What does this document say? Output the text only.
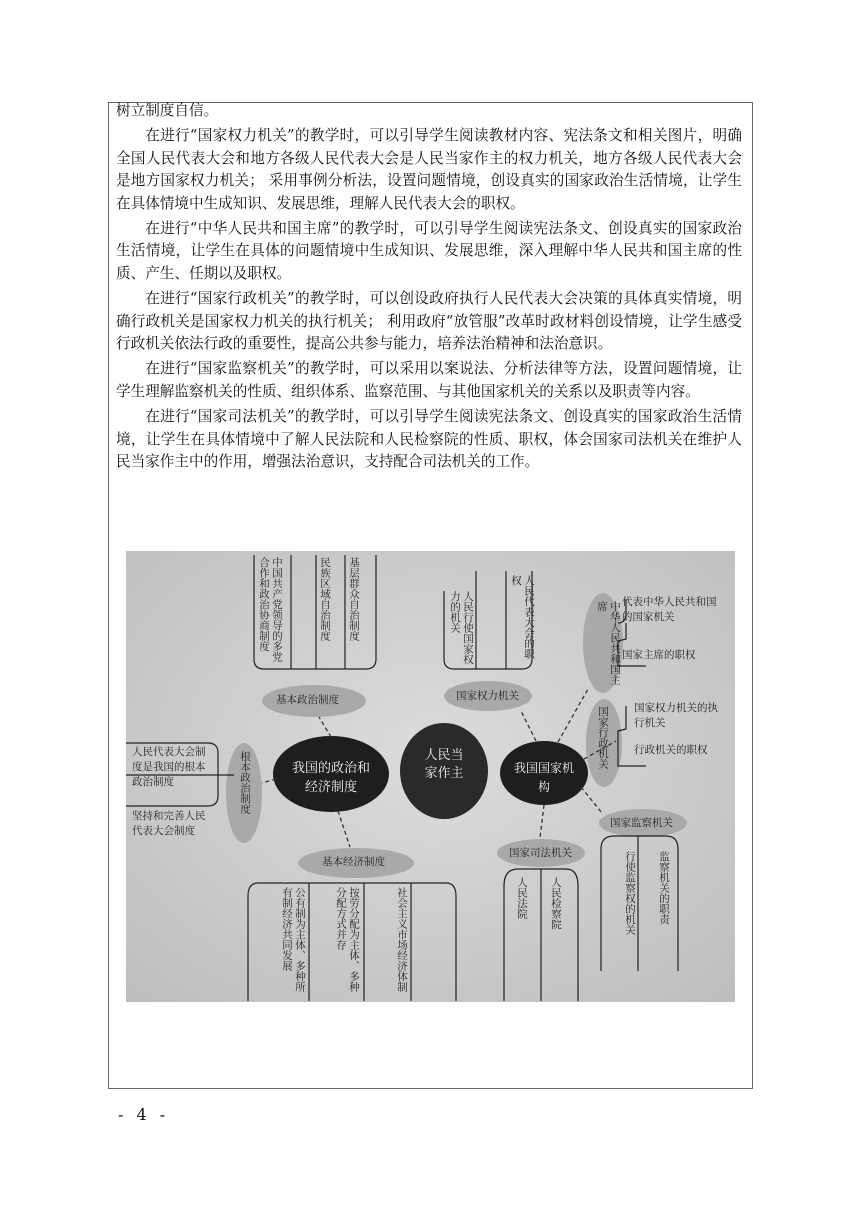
树立制度自信。

在进行“国家权力机关”的教学时，可以引导学生阅读教材内容、宪法条文和相关图片，明确全国人民代表大会和地方各级人民代表大会是人民当家作主的权力机关，地方各级人民代表大会是地方国家权力机关； 采用事例分析法，设置问题情境，创设真实的国家政治生活情境，让学生在具体情境中生成知识、发展思维，理解人民代表大会的职权。

在进行“中华人民共和国主席”的教学时，可以引导学生阅读宪法条文、创设真实的国家政治生活情境，让学生在具体的问题情境中生成知识、发展思维，深入理解中华人民共和国主席的性质、产生、任期以及职权。

在进行“国家行政机关”的教学时，可以创设政府执行人民代表大会决策的具体真实情境，明确行政机关是国家权力机关的执行机关； 利用政府“放管服”改革时政材料创设情境，让学生感受行政机关依法行政的重要性，提高公共参与能力，培养法治精神和法治意识。

在进行“国家监察机关”的教学时，可以采用以案说法、分析法律等方法，设置问题情境，让学生理解监察机关的性质、组织体系、监察范围、与其他国家机关的关系以及职责等内容。

在进行“国家司法机关”的教学时，可以引导学生阅读宪法条文、创设真实的国家政治生活情境，让学生在具体情境中了解人民法院和人民检察院的性质、职权，体会国家司法机关在维护人民当家作主中的作用，增强法治意识，支持配合司法机关的工作。

中国共产党领导的多党合作和政治协商制度	民族区域自治制度 基层群众自治制度
基本政治制度
人民行使国家权力的机关	人民代表大会的职权
国家权力机关
中华人民共和国主席	代表中华人民共和国的国家机关
国家主席的职权
国家行政机关 国家权力机关的执行机关
行政机关的职权
人民当家作主
我国的政治和经济制度
我国国家机构
人民代表大会制度是我国的根本政治制度
坚持和完善人民代表大会制度
根本政治制度
基本经济制度
公有制为主体、多种所有制经济共同发展	按劳分配为主体、多种分配方式并存	社会主义市场经济体制
国家司法机关
人民法院 人民检察院
国家监察机关
监察机关的职责
行使监察权的机关
- 4 -
